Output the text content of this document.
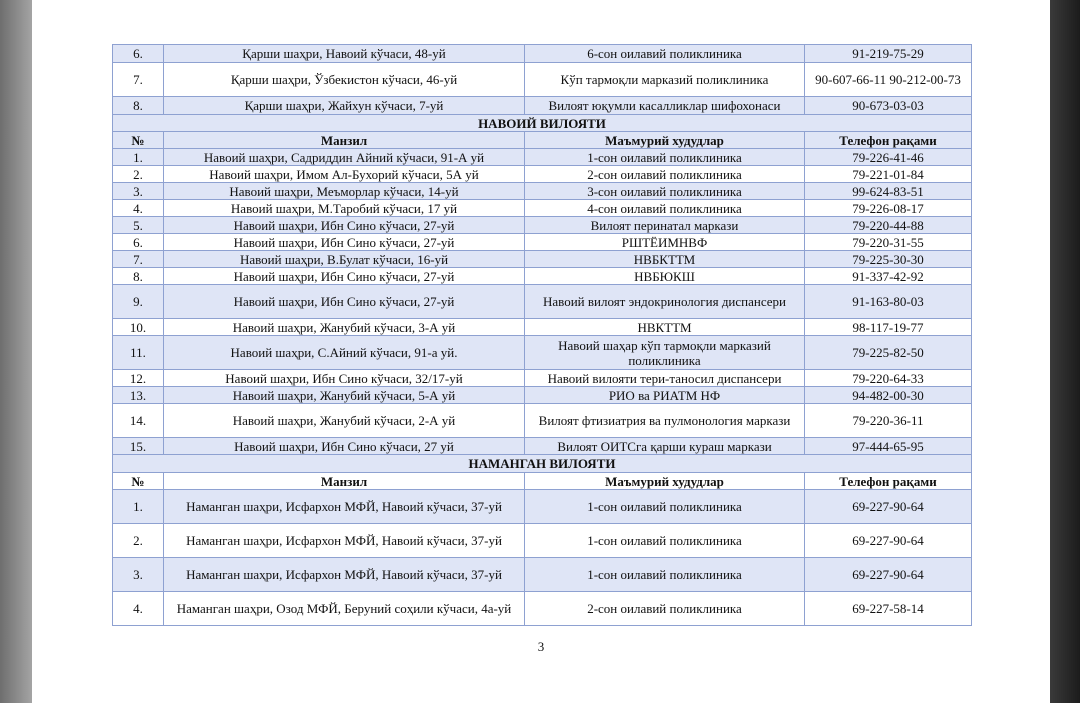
6.	Қарши шаҳри, Навоий кўчаси, 48-уй	6-сон оилавий поликлиника	91-219-75-29
7.	Қарши шаҳри, Ўзбекистон кўчаси, 46-уй	Кўп тармоқли марказий поликлиника	90-607-66-11 90-212-00-73
8.	Қарши шаҳри, Жайхун кўчаси, 7-уй	Вилоят юқумли касалликлар шифохонаси	90-673-03-03
НАВОИЙ ВИЛОЯТИ			
№	Манзил	Маъмурий худудлар	Телефон рақами
1.	Навоий шаҳри, Садриддин Айний кўчаси, 91-А уй	1-сон оилавий поликлиника	79-226-41-46
2.	Навоий шаҳри, Имом Ал-Бухорий кўчаси, 5А уй	2-сон оилавий поликлиника	79-221-01-84
3.	Навоий шаҳри, Меъморлар кўчаси, 14-уй	3-сон оилавий поликлиника	99-624-83-51
4.	Навоий шаҳри, М.Таробий кўчаси, 17 уй	4-сон оилавий поликлиника	79-226-08-17
5.	Навоий шаҳри, Ибн Сино кўчаси, 27-уй	Вилоят перинатал маркази	79-220-44-88
6.	Навоий шаҳри, Ибн Сино кўчаси, 27-уй	РШТЁИМНВФ	79-220-31-55
7.	Навоий шаҳри, В.Булат кўчаси, 16-уй	НВБКТТМ	79-225-30-30
8.	Навоий шаҳри, Ибн Сино кўчаси, 27-уй	НВБЮКШ	91-337-42-92
9.	Навоий шаҳри, Ибн Сино кўчаси, 27-уй	Навоий вилоят эндокринология диспансери	91-163-80-03
10.	Навоий шаҳри, Жанубий кўчаси, 3-А уй	НВКТТМ	98-117-19-77
11.	Навоий шаҳри, С.Айний кўчаси, 91-а уй.	Навоий шаҳар кўп тармоқли марказий поликлиника	79-225-82-50
12.	Навоий шаҳри, Ибн Сино кўчаси, 32/17-уй	Навоий вилояти тери-таносил диспансери	79-220-64-33
13.	Навоий шаҳри, Жанубий кўчаси, 5-А уй	РИО ва РИАТМ НФ	94-482-00-30
14.	Навоий шаҳри, Жанубий кўчаси, 2-А уй	Вилоят фтизиатрия ва пулмонология маркази	79-220-36-11
15.	Навоий шаҳри, Ибн Сино кўчаси, 27 уй	Вилоят ОИТСга қарши кураш маркази	97-444-65-95
НАМАНГАН ВИЛОЯТИ			
№	Манзил	Маъмурий худудлар	Телефон рақами
1.	Наманган шаҳри, Исфархон МФЙ, Навоий кўчаси, 37-уй	1-сон оилавий поликлиника	69-227-90-64
2.	Наманган шаҳри, Исфархон МФЙ, Навоий кўчаси, 37-уй	1-сон оилавий поликлиника	69-227-90-64
3.	Наманган шаҳри, Исфархон МФЙ, Навоий кўчаси, 37-уй	1-сон оилавий поликлиника	69-227-90-64
4.	Наманган шаҳри, Озод МФЙ, Беруний соҳили кўчаси, 4а-уй	2-сон оилавий поликлиника	69-227-58-14
3
